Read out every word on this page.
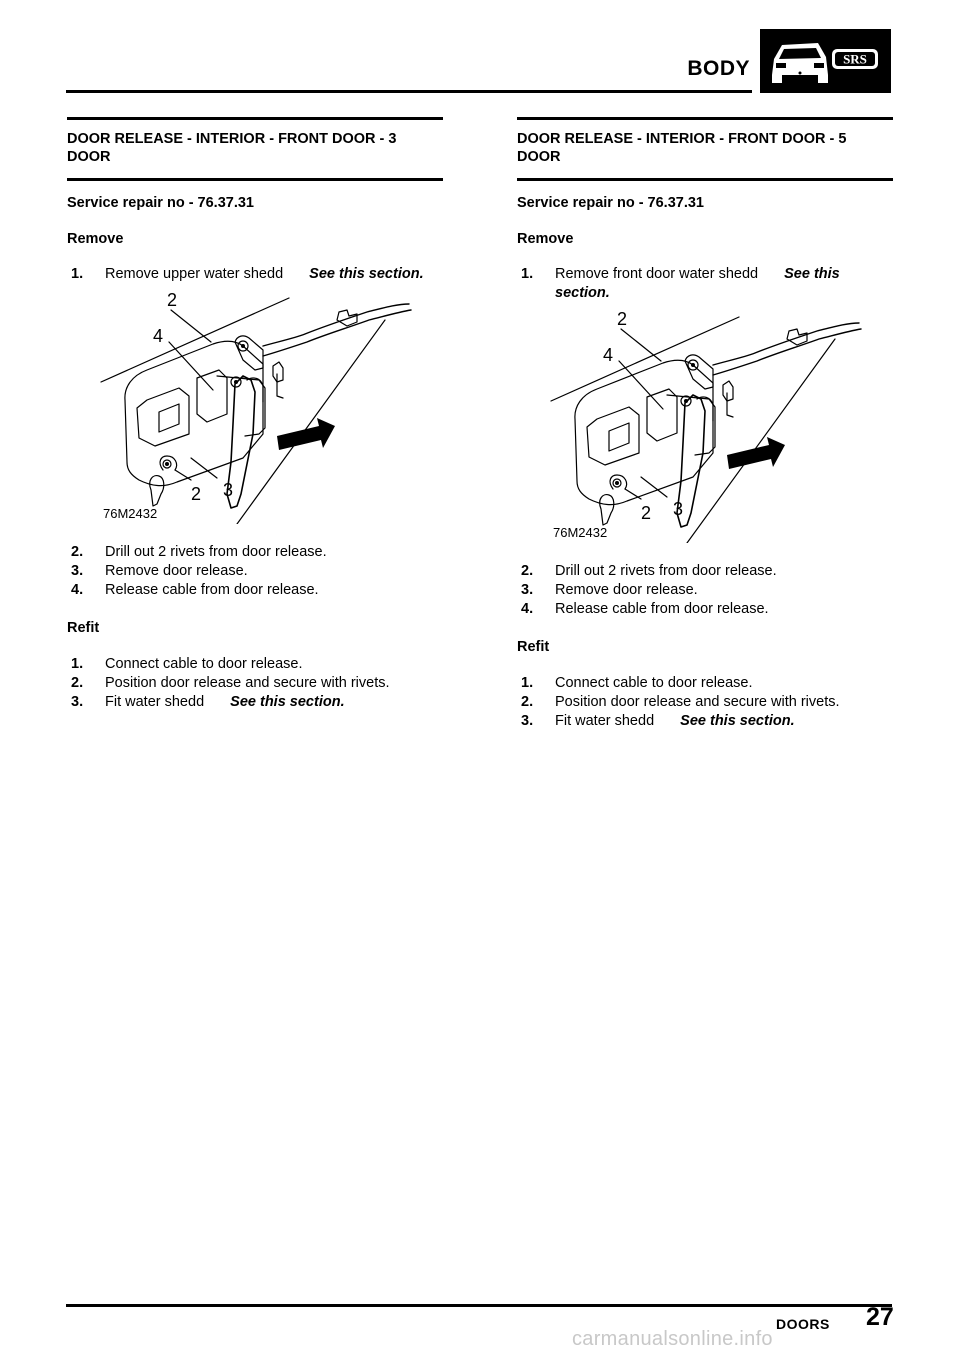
BODY	SRS
DOOR RELEASE - INTERIOR - FRONT DOOR - 3 DOOR

Service repair no - 76.37.31

Remove

1. Remove upper water shedd See this section.
2
4
2 3
76M2432
2. Drill out 2 rivets from door release.
3. Remove door release.
4. Release cable from door release.

Refit

1. Connect cable to door release.
2. Position door release and secure with rivets.
3. Fit water shedd See this section.
DOOR RELEASE - INTERIOR - FRONT DOOR - 5 DOOR

Service repair no - 76.37.31

Remove

1. Remove front door water shedd See this section.
2
4
2 3
76M2432
2. Drill out 2 rivets from door release.
3. Remove door release.
4. Release cable from door release.

Refit

1. Connect cable to door release.
2. Position door release and secure with rivets.
3. Fit water shedd See this section.
DOORS 27
carmanualsonline.info
